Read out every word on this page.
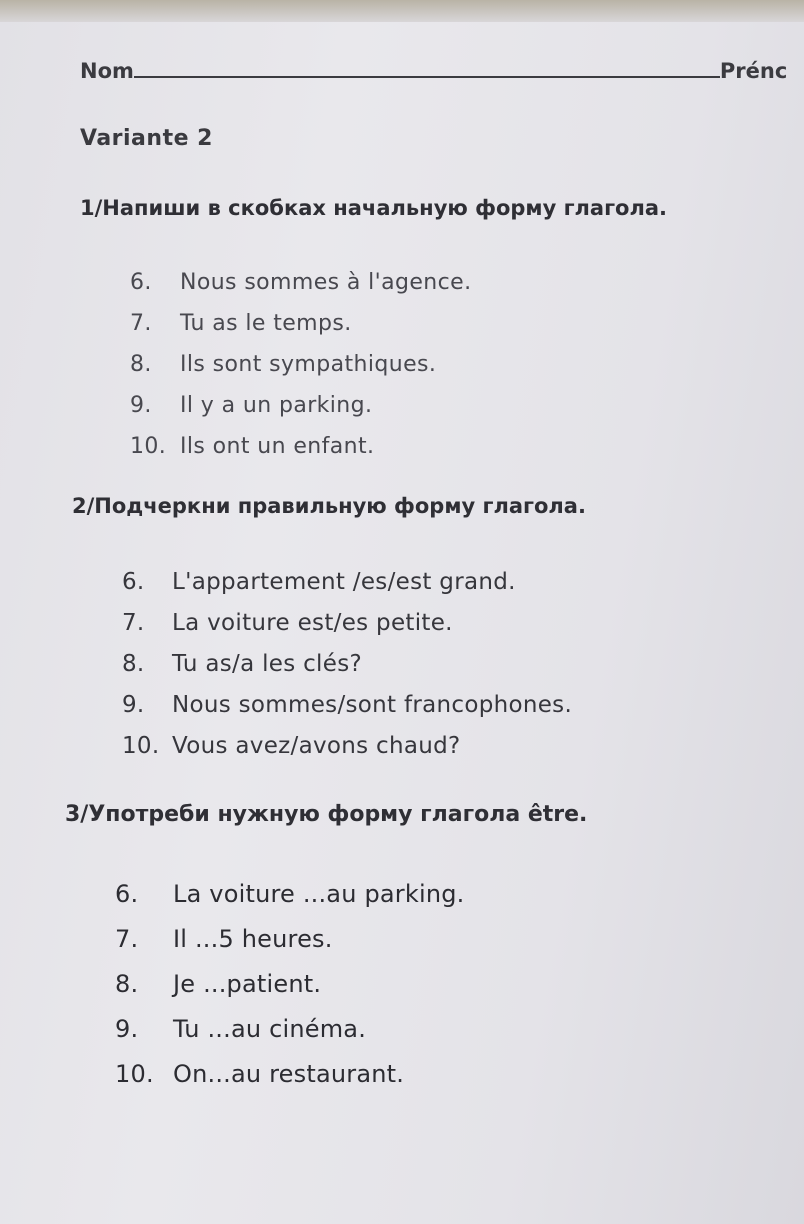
Nom	Prénc
Variante 2
1/Напиши в скобках начальную форму глагола.
6. Nous sommes à l'agence.
7. Tu as le temps.
8. Ils sont sympathiques.
9. Il y a un parking.
10. Ils ont un enfant.
2/Подчеркни правильную форму глагола.
6. L'appartement /es/est grand.
7. La voiture est/es petite.
8. Tu as/a les clés?
9. Nous sommes/sont francophones.
10. Vous avez/avons chaud?
3/Употреби нужную форму глагола être.
6. La voiture ...au parking.
7. Il ...5 heures.
8. Je ...patient.
9. Tu ...au cinéma.
10. On...au restaurant.
